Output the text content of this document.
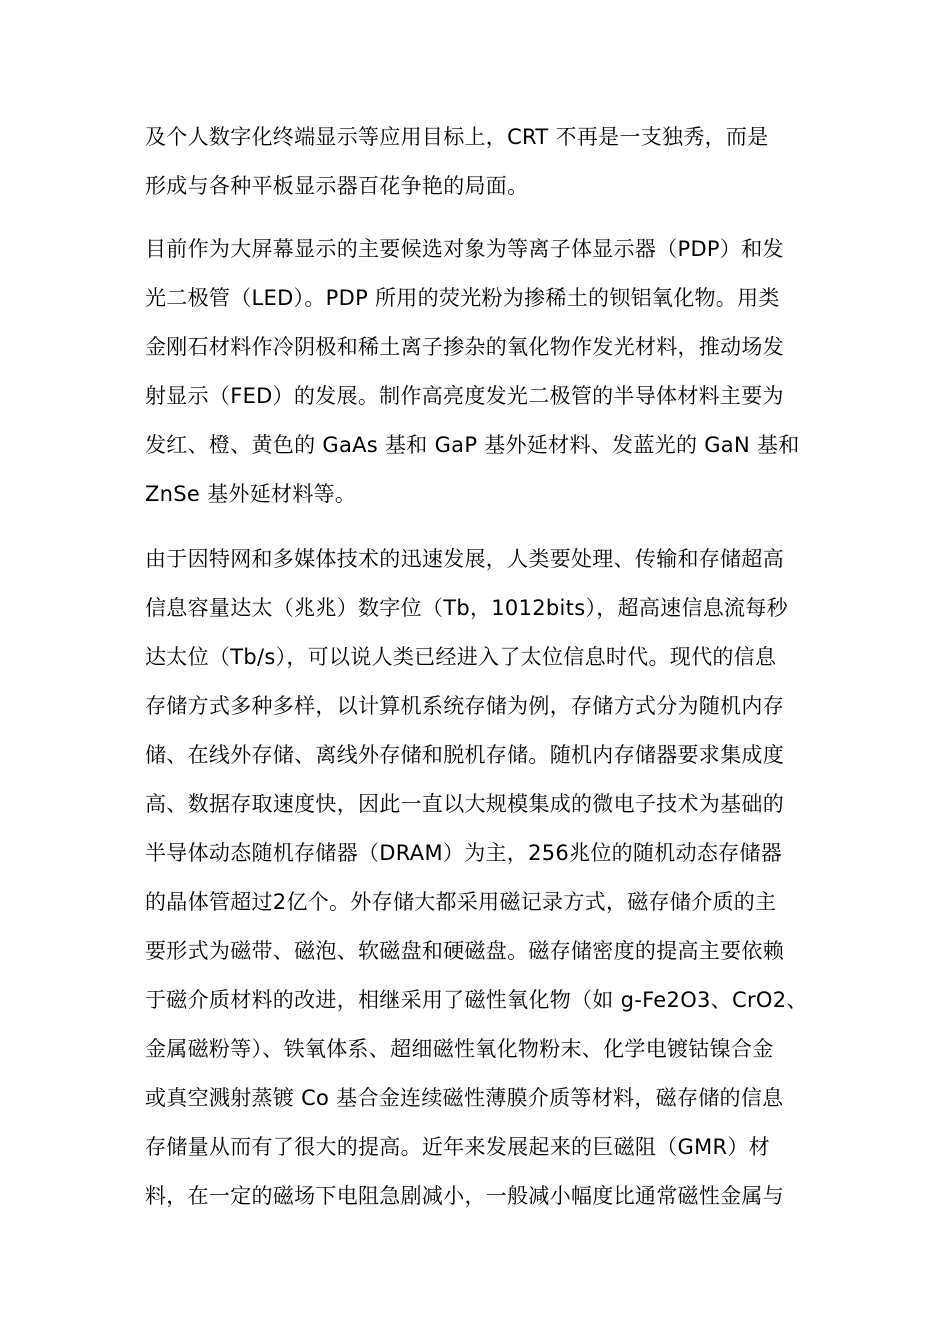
及个人数字化终端显示等应用目标上，CRT 不再是一支独秀，而是
形成与各种平板显示器百花争艳的局面。
目前作为大屏幕显示的主要候选对象为等离子体显示器（PDP）和发
光二极管（LED）。PDP 所用的荧光粉为掺稀土的钡铝氧化物。用类
金刚石材料作冷阴极和稀土离子掺杂的氧化物作发光材料，推动场发
射显示（FED）的发展。制作高亮度发光二极管的半导体材料主要为
发红、橙、黄色的 GaAs 基和 GaP 基外延材料、发蓝光的 GaN 基和
ZnSe 基外延材料等。
由于因特网和多媒体技术的迅速发展，人类要处理、传输和存储超高
信息容量达太（兆兆）数字位（Tb，1012bits），超高速信息流每秒
达太位（Tb/s），可以说人类已经进入了太位信息时代。现代的信息
存储方式多种多样，以计算机系统存储为例，存储方式分为随机内存
储、在线外存储、离线外存储和脱机存储。随机内存储器要求集成度
高、数据存取速度快，因此一直以大规模集成的微电子技术为基础的
半导体动态随机存储器（DRAM）为主，256兆位的随机动态存储器
的晶体管超过2亿个。外存储大都采用磁记录方式，磁存储介质的主
要形式为磁带、磁泡、软磁盘和硬磁盘。磁存储密度的提高主要依赖
于磁介质材料的改进，相继采用了磁性氧化物（如 g-Fe2O3、CrO2、
金属磁粉等）、铁氧体系、超细磁性氧化物粉末、化学电镀钴镍合金
或真空溅射蒸镀 Co 基合金连续磁性薄膜介质等材料，磁存储的信息
存储量从而有了很大的提高。近年来发展起来的巨磁阻（GMR）材
料，在一定的磁场下电阻急剧减小，一般减小幅度比通常磁性金属与
